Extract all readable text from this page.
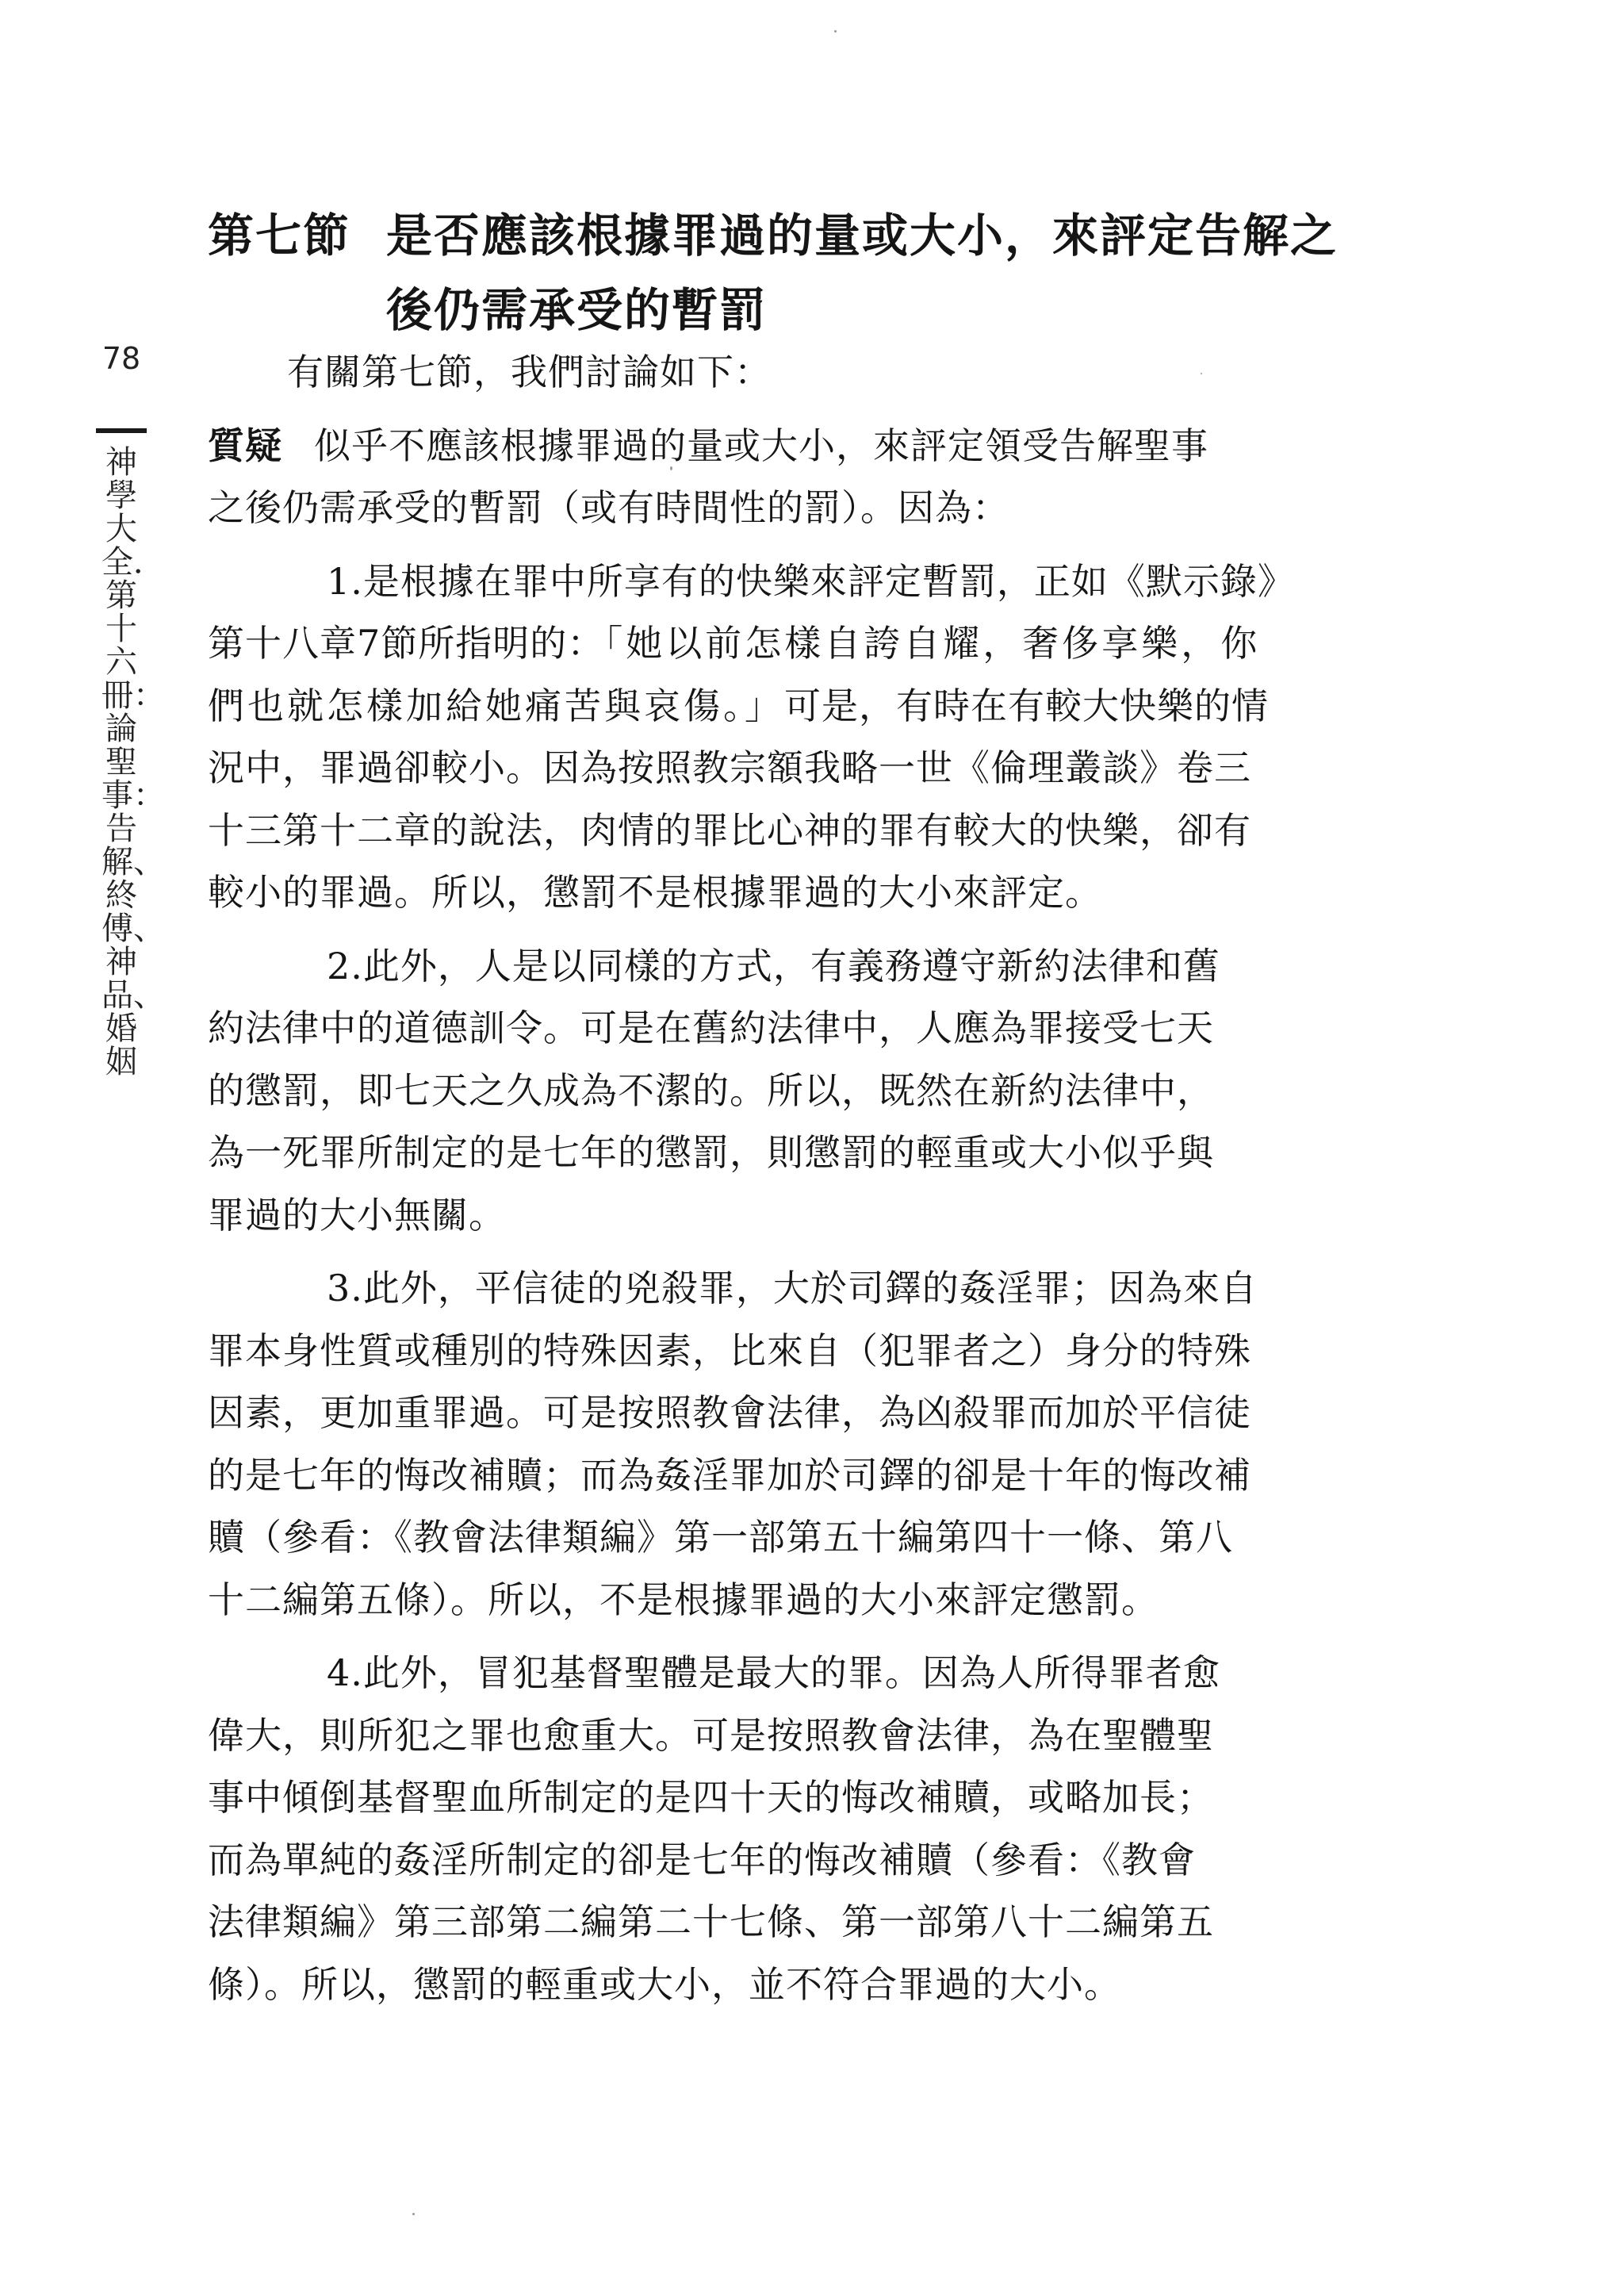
第七節 是否應該根據罪過的量或大小，來評定告解之
後仍需承受的暫罰
78
神學大全．第十六冊：論聖事：告解、終傅、神品、婚姻

有關第七節，我們討論如下：

質疑 似乎不應該根據罪過的量或大小，來評定領受告解聖事

之後仍需承受的暫罰（或有時間性的罰）。因為：

1.是根據在罪中所享有的快樂來評定暫罰，正如《默示錄》

第十八章7節所指明的：「她以前怎樣自誇自耀，奢侈享樂，你

們也就怎樣加給她痛苦與哀傷。」可是，有時在有較大快樂的情

況中，罪過卻較小。因為按照教宗額我略一世《倫理叢談》卷三

十三第十二章的說法，肉情的罪比心神的罪有較大的快樂，卻有

較小的罪過。所以，懲罰不是根據罪過的大小來評定。

2.此外，人是以同樣的方式，有義務遵守新約法律和舊

約法律中的道德訓令。可是在舊約法律中，人應為罪接受七天

的懲罰，即七天之久成為不潔的。所以，既然在新約法律中，

為一死罪所制定的是七年的懲罰，則懲罰的輕重或大小似乎與

罪過的大小無關。

3.此外，平信徒的兇殺罪，大於司鐸的姦淫罪；因為來自

罪本身性質或種別的特殊因素，比來自（犯罪者之）身分的特殊

因素，更加重罪過。可是按照教會法律，為凶殺罪而加於平信徒

的是七年的悔改補贖；而為姦淫罪加於司鐸的卻是十年的悔改補

贖（參看：《教會法律類編》第一部第五十編第四十一條、第八

十二編第五條）。所以，不是根據罪過的大小來評定懲罰。

4.此外，冒犯基督聖體是最大的罪。因為人所得罪者愈

偉大，則所犯之罪也愈重大。可是按照教會法律，為在聖體聖

事中傾倒基督聖血所制定的是四十天的悔改補贖，或略加長；

而為單純的姦淫所制定的卻是七年的悔改補贖（參看：《教會

法律類編》第三部第二編第二十七條、第一部第八十二編第五

條）。所以，懲罰的輕重或大小，並不符合罪過的大小。
